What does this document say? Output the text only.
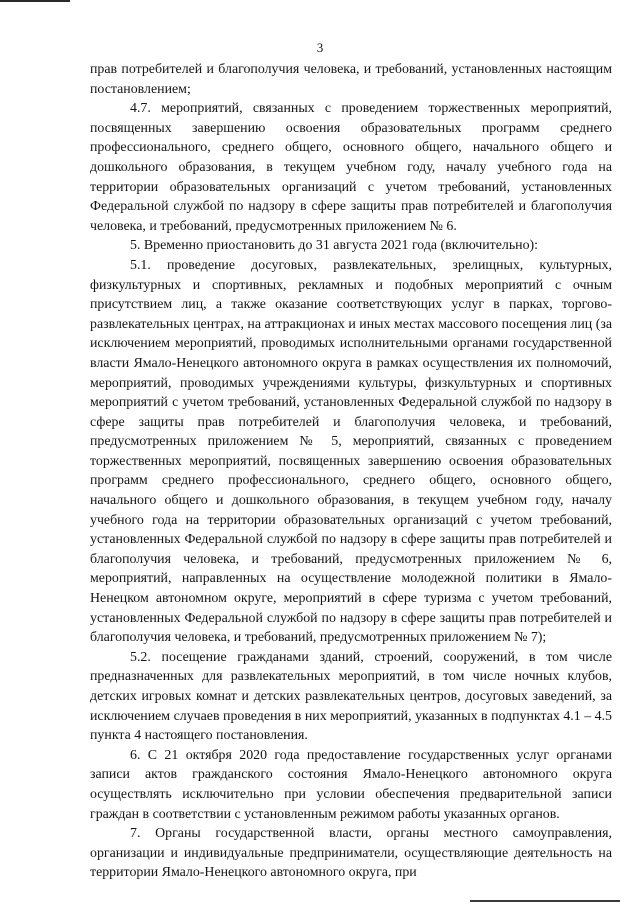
3

прав потребителей и благополучия человека, и требований, установленных настоящим постановлением;

4.7. мероприятий, связанных с проведением торжественных мероприятий, посвященных завершению освоения образовательных программ среднего профессионального, среднего общего, основного общего, начального общего и дошкольного образования, в текущем учебном году, началу учебного года на территории образовательных организаций с учетом требований, установленных Федеральной службой по надзору в сфере защиты прав потребителей и благополучия человека, и требований, предусмотренных приложением № 6.

5. Временно приостановить до 31 августа 2021 года (включительно):

5.1. проведение досуговых, развлекательных, зрелищных, культурных, физкультурных и спортивных, рекламных и подобных мероприятий с очным присутствием лиц, а также оказание соответствующих услуг в парках, торгово-развлекательных центрах, на аттракционах и иных местах массового посещения лиц (за исключением мероприятий, проводимых исполнительными органами государственной власти Ямало-Ненецкого автономного округа в рамках осуществления их полномочий, мероприятий, проводимых учреждениями культуры, физкультурных и спортивных мероприятий с учетом требований, установленных Федеральной службой по надзору в сфере защиты прав потребителей и благополучия человека, и требований, предусмотренных приложением № 5, мероприятий, связанных с проведением торжественных мероприятий, посвященных завершению освоения образовательных программ среднего профессионального, среднего общего, основного общего, начального общего и дошкольного образования, в текущем учебном году, началу учебного года на территории образовательных организаций с учетом требований, установленных Федеральной службой по надзору в сфере защиты прав потребителей и благополучия человека, и требований, предусмотренных приложением № 6, мероприятий, направленных на осуществление молодежной политики в Ямало-Ненецком автономном округе, мероприятий в сфере туризма с учетом требований, установленных Федеральной службой по надзору в сфере защиты прав потребителей и благополучия человека, и требований, предусмотренных приложением № 7);

5.2. посещение гражданами зданий, строений, сооружений, в том числе предназначенных для развлекательных мероприятий, в том числе ночных клубов, детских игровых комнат и детских развлекательных центров, досуговых заведений, за исключением случаев проведения в них мероприятий, указанных в подпунктах 4.1 – 4.5 пункта 4 настоящего постановления.

6. С 21 октября 2020 года предоставление государственных услуг органами записи актов гражданского состояния Ямало-Ненецкого автономного округа осуществлять исключительно при условии обеспечения предварительной записи граждан в соответствии с установленным режимом работы указанных органов.

7. Органы государственной власти, органы местного самоуправления, организации и индивидуальные предприниматели, осуществляющие деятельность на территории Ямало-Ненецкого автономного округа, при
